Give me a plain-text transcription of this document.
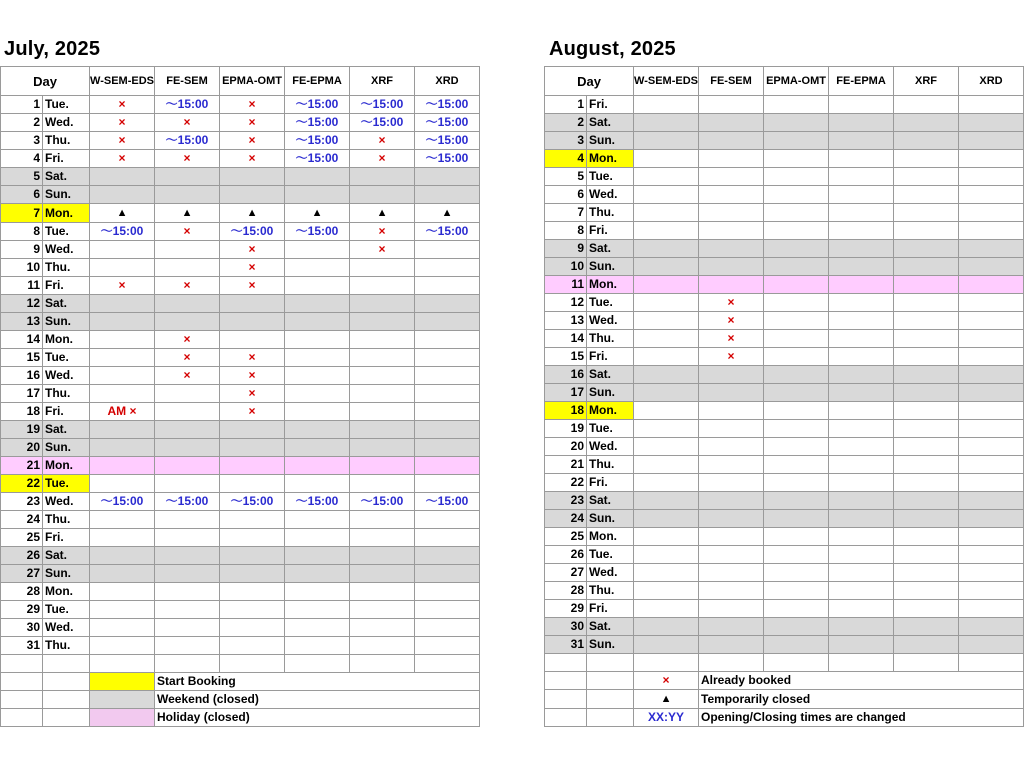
July, 2025
Day		W-SEM-EDS	FE-SEM	EPMA-OMT	FE-EPMA	XRF	XRD
1	Tue.	×	～15:00	×	～15:00	～15:00	～15:00
2	Wed.	×	×	×	～15:00	～15:00	～15:00
3	Thu.	×	～15:00	×	～15:00	×	～15:00
4	Fri.	×	×	×	～15:00	×	～15:00
5	Sat.						
6	Sun.						
7	Mon.	▲	▲	▲	▲	▲	▲
8	Tue.	～15:00	×	～15:00	～15:00	×	～15:00
9	Wed.			×		×	
10	Thu.			×			
11	Fri.	×	×	×			
12	Sat.						
13	Sun.						
14	Mon.		×				
15	Tue.		×	×			
16	Wed.		×	×			
17	Thu.			×			
18	Fri.	AM ×		×			
19	Sat.						
20	Sun.						
21	Mon.						
22	Tue.						
23	Wed.	～15:00	～15:00	～15:00	～15:00	～15:00	～15:00
24	Thu.						
25	Fri.						
26	Sat.						
27	Sun.						
28	Mon.						
29	Tue.						
30	Wed.						
31	Thu.						

			Start Booking				
			Weekend (closed)				
			Holiday (closed)				
August, 2025
Day		W-SEM-EDS	FE-SEM	EPMA-OMT	FE-EPMA	XRF	XRD
1	Fri.						
2	Sat.						
3	Sun.						
4	Mon.						
5	Tue.						
6	Wed.						
7	Thu.						
8	Fri.						
9	Sat.						
10	Sun.						
11	Mon.						
12	Tue.		×				
13	Wed.		×				
14	Thu.		×				
15	Fri.		×				
16	Sat.						
17	Sun.						
18	Mon.						
19	Tue.						
20	Wed.						
21	Thu.						
22	Fri.						
23	Sat.						
24	Sun.						
25	Mon.						
26	Tue.						
27	Wed.						
28	Thu.						
29	Fri.						
30	Sat.						
31	Sun.						

		×	Already booked				
		▲	Temporarily closed				
		XX:YY	Opening/Closing times are changed				
